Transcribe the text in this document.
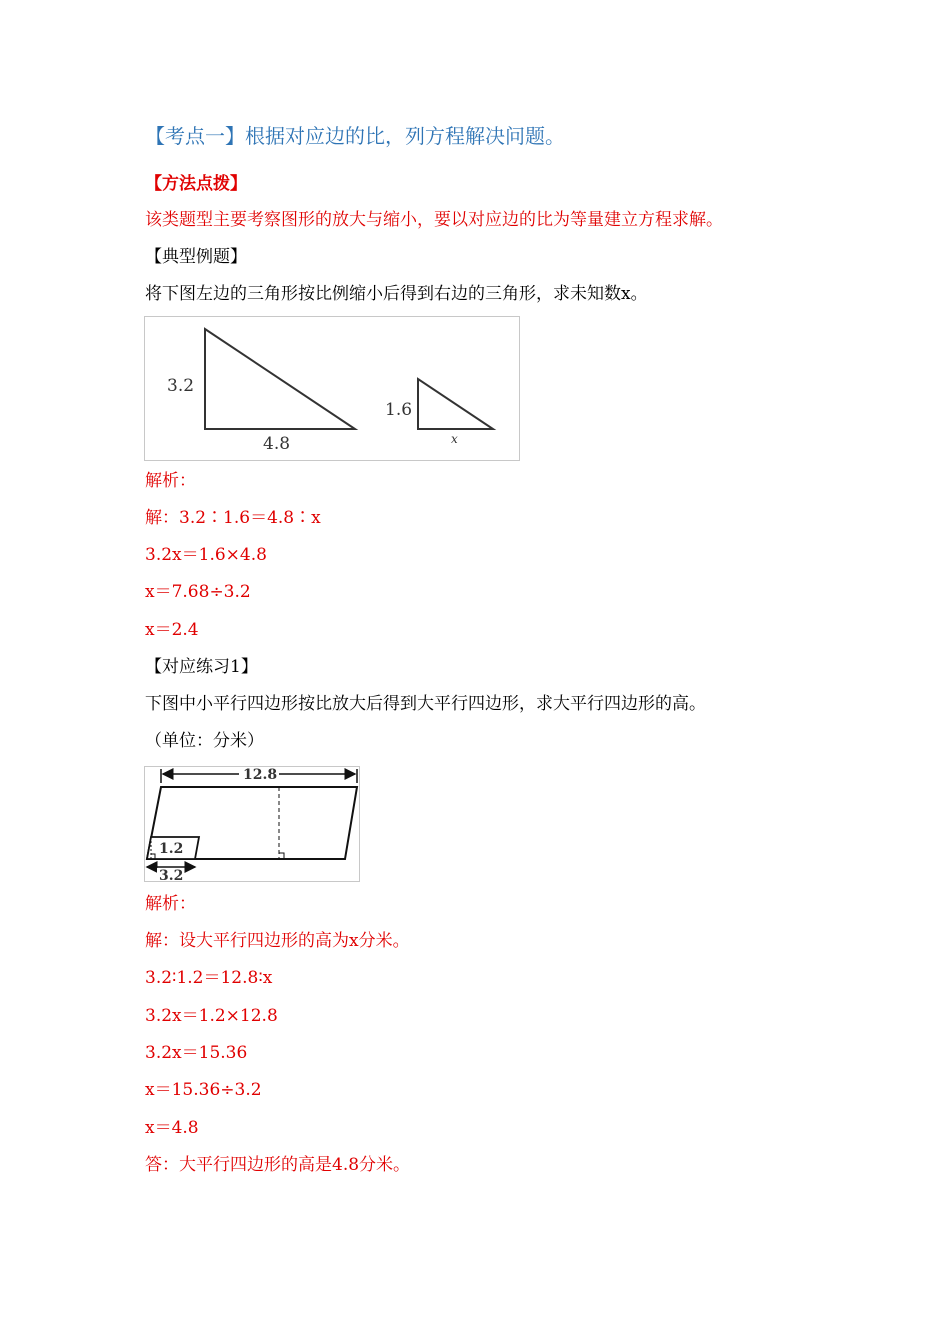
【考点一】根据对应边的比，列方程解决问题。
【方法点拨】
该类题型主要考察图形的放大与缩小，要以对应边的比为等量建立方程求解。
【典型例题】
将下图左边的三角形按比例缩小后得到右边的三角形，求未知数x。
3.2
4.8
1.6
x
解析：
解：3.2∶1.6＝4.8∶x
3.2x＝1.6×4.8
x＝7.68÷3.2
x＝2.4
【对应练习1】
下图中小平行四边形按比放大后得到大平行四边形，求大平行四边形的高。
（单位：分米）
12.8
1.2
3.2
解析：
解：设大平行四边形的高为x分米。
3.2∶1.2＝12.8∶x
3.2x＝1.2×12.8
3.2x＝15.36
x＝15.36÷3.2
x＝4.8
答：大平行四边形的高是4.8分米。
